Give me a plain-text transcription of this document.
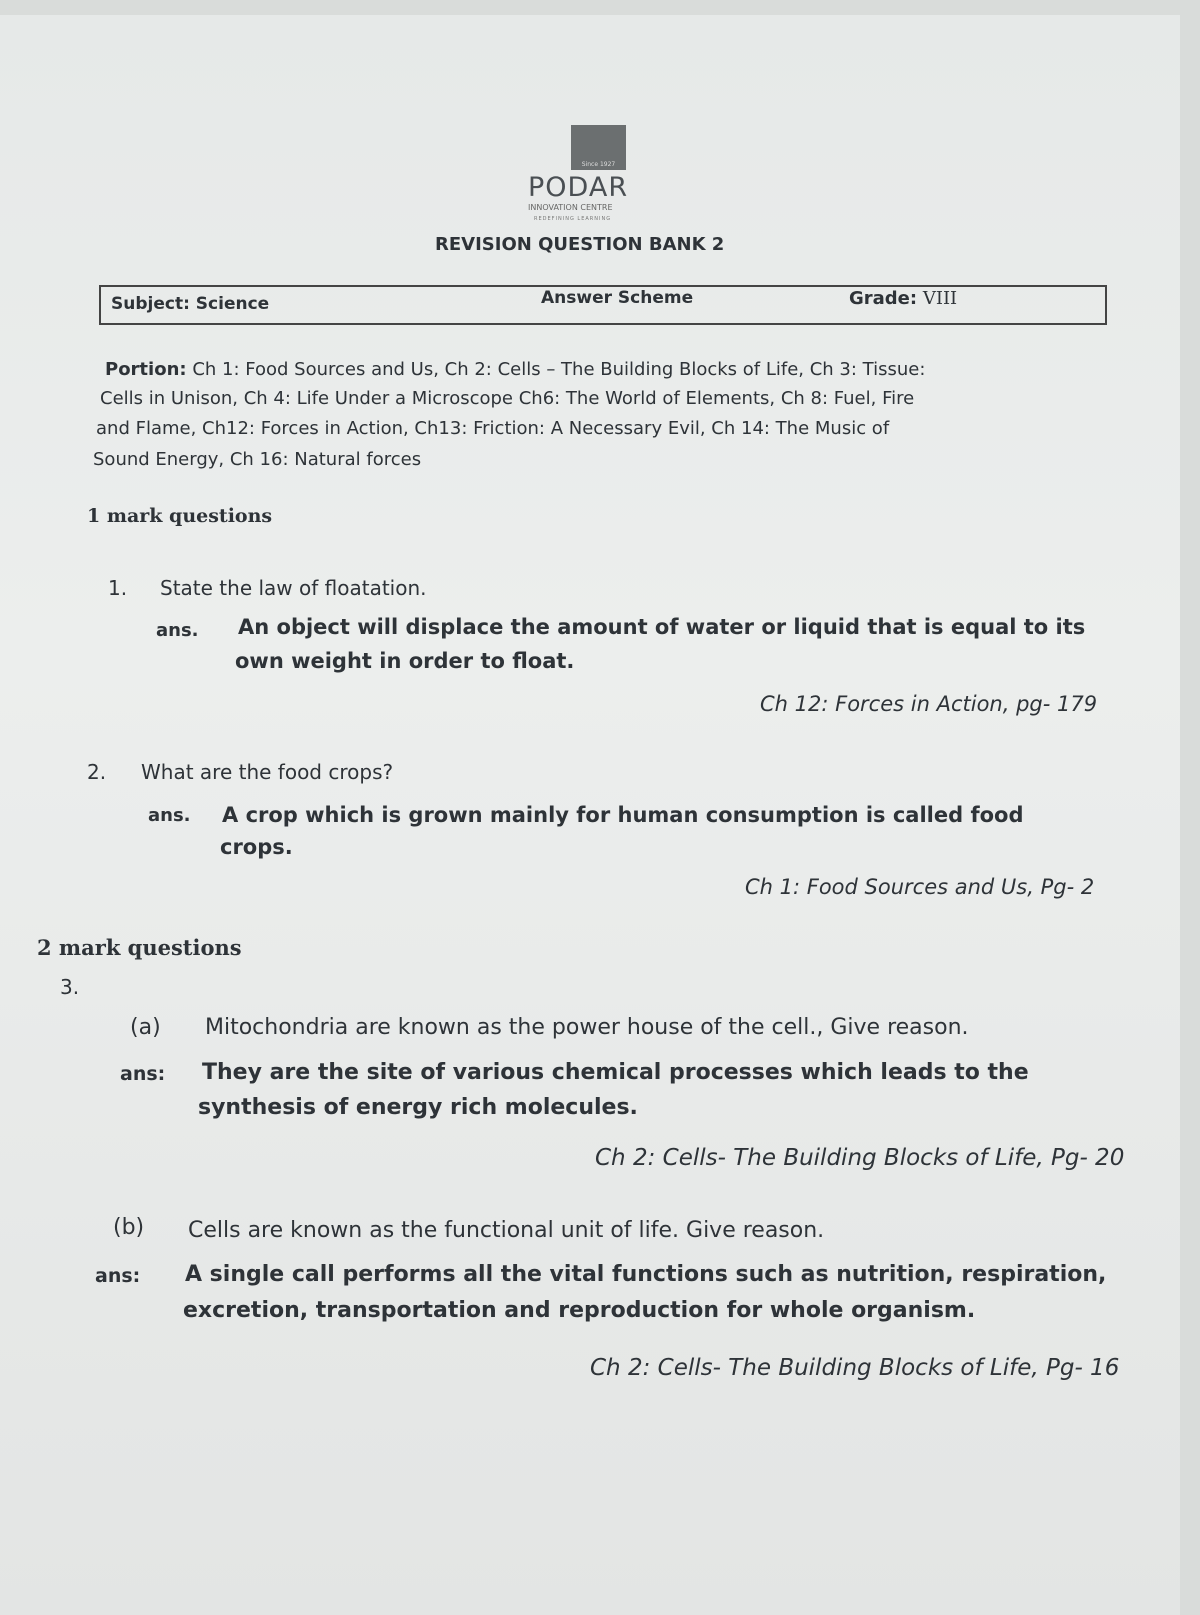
Since 1927
PODAR
INNOVATION CENTRE
REDEFINING LEARNING
REVISION QUESTION BANK 2
Subject: Science	Answer Scheme	Grade: VIII
Portion: Ch 1: Food Sources and Us, Ch 2: Cells – The Building Blocks of Life, Ch 3: Tissue:
Cells in Unison, Ch 4: Life Under a Microscope Ch6: The World of Elements, Ch 8: Fuel, Fire
and Flame, Ch12: Forces in Action, Ch13: Friction: A Necessary Evil, Ch 14: The Music of
Sound Energy, Ch 16: Natural forces
1 mark questions
1. State the law of floatation.
ans. An object will displace the amount of water or liquid that is equal to its
own weight in order to float.
Ch 12: Forces in Action, pg- 179
2. What are the food crops?
ans. A crop which is grown mainly for human consumption is called food
crops.
Ch 1: Food Sources and Us, Pg- 2
2 mark questions
3.
(a) Mitochondria are known as the power house of the cell., Give reason.
ans: They are the site of various chemical processes which leads to the
synthesis of energy rich molecules.
Ch 2: Cells- The Building Blocks of Life, Pg- 20
(b) Cells are known as the functional unit of life. Give reason.
ans: A single call performs all the vital functions such as nutrition, respiration,
excretion, transportation and reproduction for whole organism.
Ch 2: Cells- The Building Blocks of Life, Pg- 16
